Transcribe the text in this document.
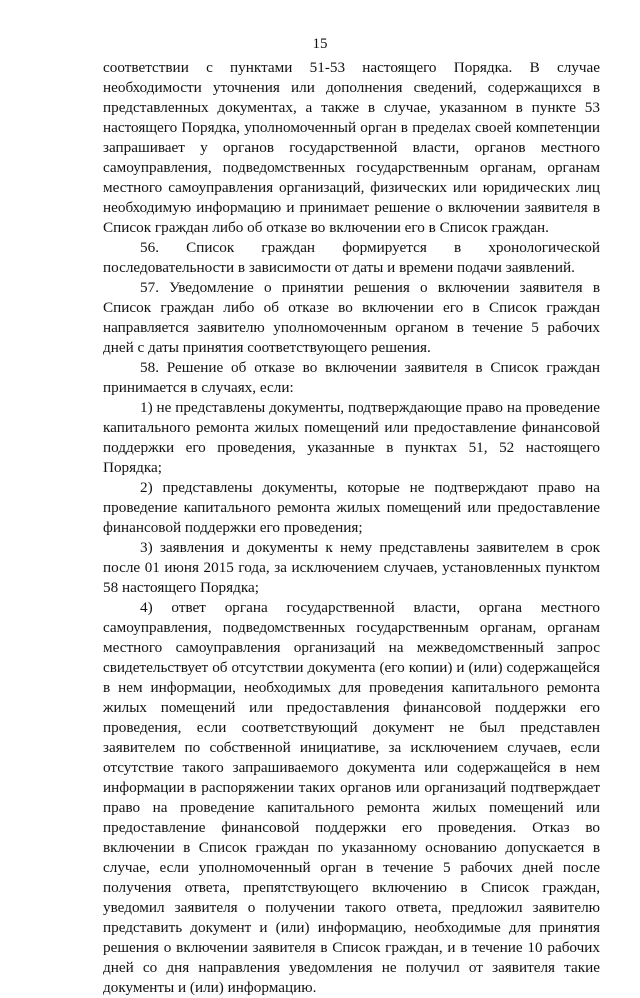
15

соответствии с пунктами 51-53 настоящего Порядка. В случае необходимости уточнения или дополнения сведений, содержащихся в представленных документах, а также в случае, указанном в пункте 53 настоящего Порядка, уполномоченный орган в пределах своей компетенции запрашивает у органов государственной власти, органов местного самоуправления, подведомственных государственным органам, органам местного самоуправления организаций, физических или юридических лиц необходимую информацию и принимает решение о включении заявителя в Список граждан либо об отказе во включении его в Список граждан.

56. Список граждан формируется в хронологической последовательности в зависимости от даты и времени подачи заявлений.

57. Уведомление о принятии решения о включении заявителя в Список граждан либо об отказе во включении его в Список граждан направляется заявителю уполномоченным органом в течение 5 рабочих дней с даты принятия соответствующего решения.

58. Решение об отказе во включении заявителя в Список граждан принимается в случаях, если:

1) не представлены документы, подтверждающие право на проведение капитального ремонта жилых помещений или предоставление финансовой поддержки его проведения, указанные в пунктах 51, 52 настоящего Порядка;

2) представлены документы, которые не подтверждают право на проведение капитального ремонта жилых помещений или предоставление финансовой поддержки его проведения;

3) заявления и документы к нему представлены заявителем в срок после 01 июня 2015 года, за исключением случаев, установленных пунктом 58 настоящего Порядка;

4) ответ органа государственной власти, органа местного самоуправления, подведомственных государственным органам, органам местного самоуправления организаций на межведомственный запрос свидетельствует об отсутствии документа (его копии) и (или) содержащейся в нем информации, необходимых для проведения капитального ремонта жилых помещений или предоставления финансовой поддержки его проведения, если соответствующий документ не был представлен заявителем по собственной инициативе, за исключением случаев, если отсутствие такого запрашиваемого документа или содержащейся в нем информации в распоряжении таких органов или организаций подтверждает право на проведение капитального ремонта жилых помещений или предоставление финансовой поддержки его проведения. Отказ во включении в Список граждан по указанному основанию допускается в случае, если уполномоченный орган в течение 5 рабочих дней после получения ответа, препятствующего включению в Список граждан, уведомил заявителя о получении такого ответа, предложил заявителю представить документ и (или) информацию, необходимые для принятия решения о включении заявителя в Список граждан, и в течение 10 рабочих дней со дня направления уведомления не получил от заявителя такие документы и (или) информацию.
